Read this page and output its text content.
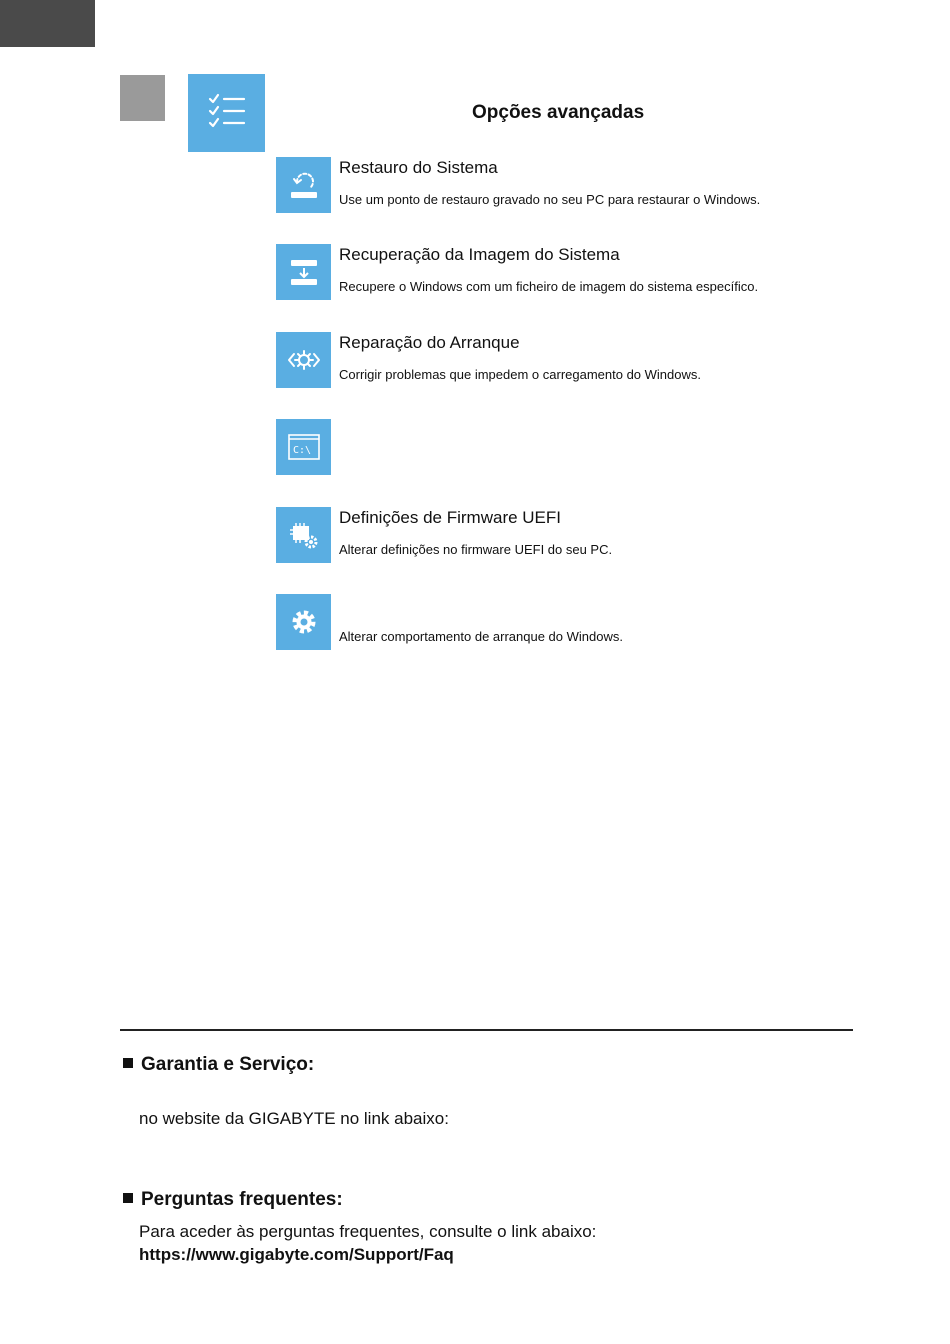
Opções avançadas
Restauro do Sistema
Use um ponto de restauro gravado no seu PC para restaurar o Windows.
Recuperação da Imagem do Sistema
Recupere o Windows com um ficheiro de imagem do sistema específico.
Reparação do Arranque
Corrigir problemas que impedem o carregamento do Windows.
C:\
Definições de Firmware UEFI
Alterar definições no firmware UEFI do seu PC.
Alterar comportamento de arranque do Windows.
Garantia e Serviço:
no website da GIGABYTE no link abaixo:
Perguntas frequentes:
Para aceder às perguntas frequentes, consulte o link abaixo:
https://www.gigabyte.com/Support/Faq
